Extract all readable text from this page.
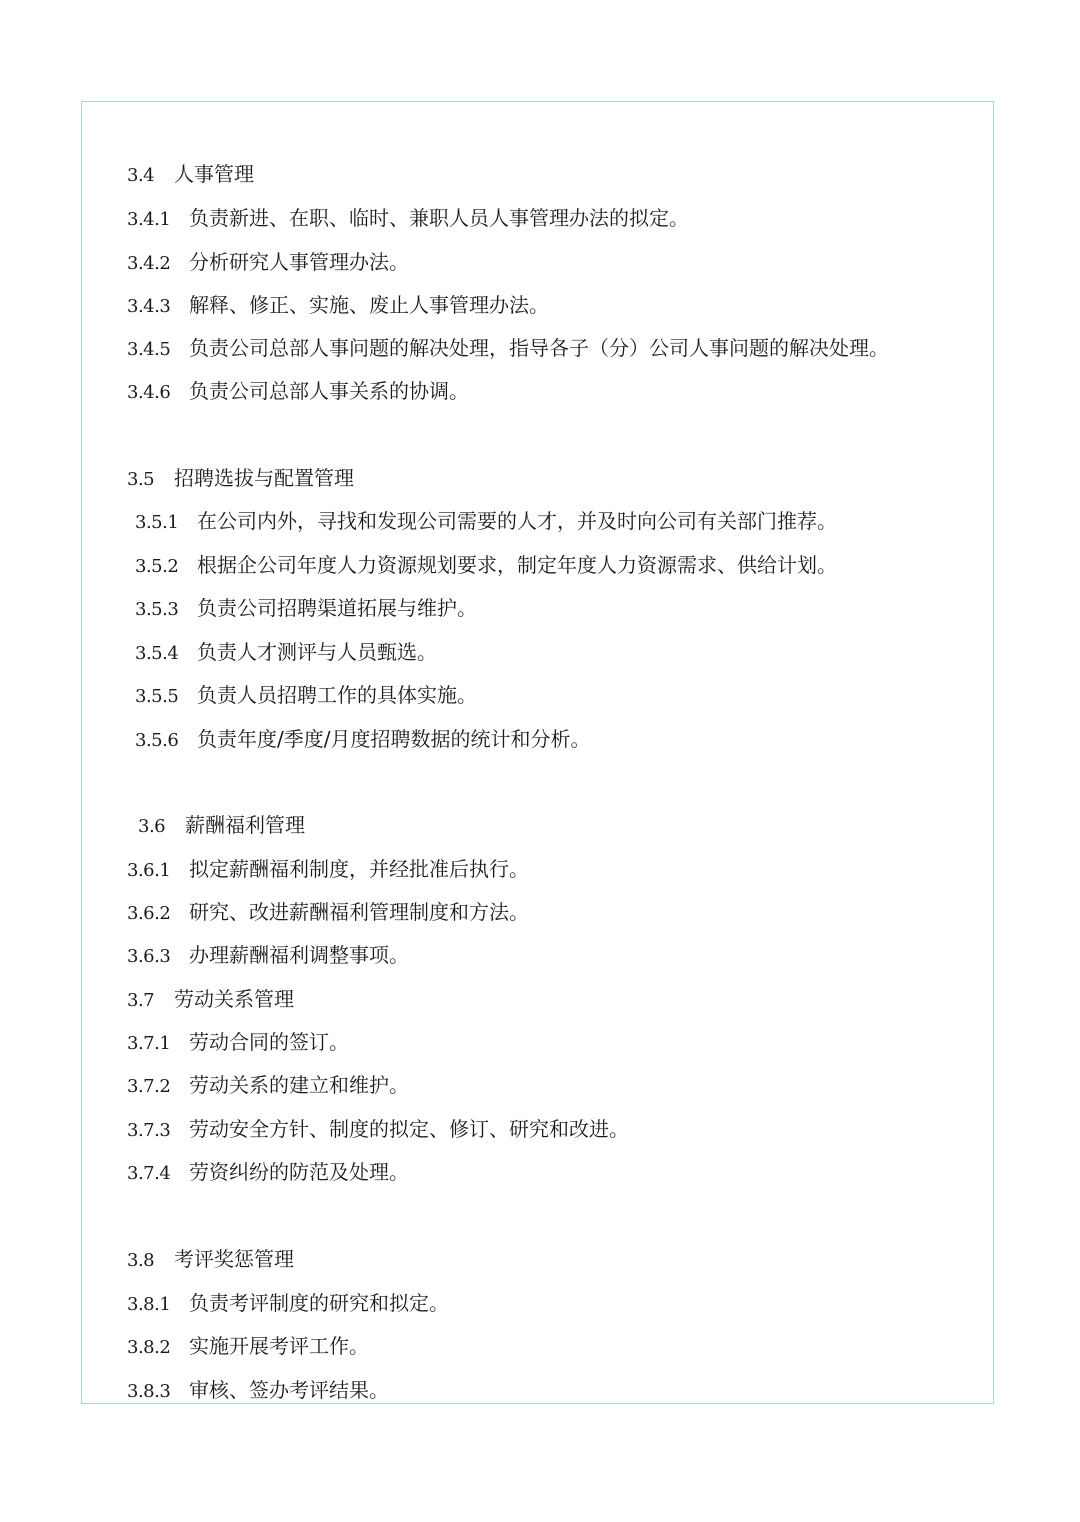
3.4 人事管理
3.4.1 负责新进、在职、临时、兼职人员人事管理办法的拟定。
3.4.2 分析研究人事管理办法。
3.4.3 解释、修正、实施、废止人事管理办法。
3.4.5 负责公司总部人事问题的解决处理，指导各子（分）公司人事问题的解决处理。
3.4.6 负责公司总部人事关系的协调。
3.5 招聘选拔与配置管理
3.5.1 在公司内外，寻找和发现公司需要的人才，并及时向公司有关部门推荐。
3.5.2 根据企公司年度人力资源规划要求，制定年度人力资源需求、供给计划。
3.5.3 负责公司招聘渠道拓展与维护。
3.5.4 负责人才测评与人员甄选。
3.5.5 负责人员招聘工作的具体实施。
3.5.6 负责年度/季度/月度招聘数据的统计和分析。
3.6 薪酬福利管理
3.6.1 拟定薪酬福利制度，并经批准后执行。
3.6.2 研究、改进薪酬福利管理制度和方法。
3.6.3 办理薪酬福利调整事项。
3.7 劳动关系管理
3.7.1 劳动合同的签订。
3.7.2 劳动关系的建立和维护。
3.7.3 劳动安全方针、制度的拟定、修订、研究和改进。
3.7.4 劳资纠纷的防范及处理。
3.8 考评奖惩管理
3.8.1 负责考评制度的研究和拟定。
3.8.2 实施开展考评工作。
3.8.3 审核、签办考评结果。
